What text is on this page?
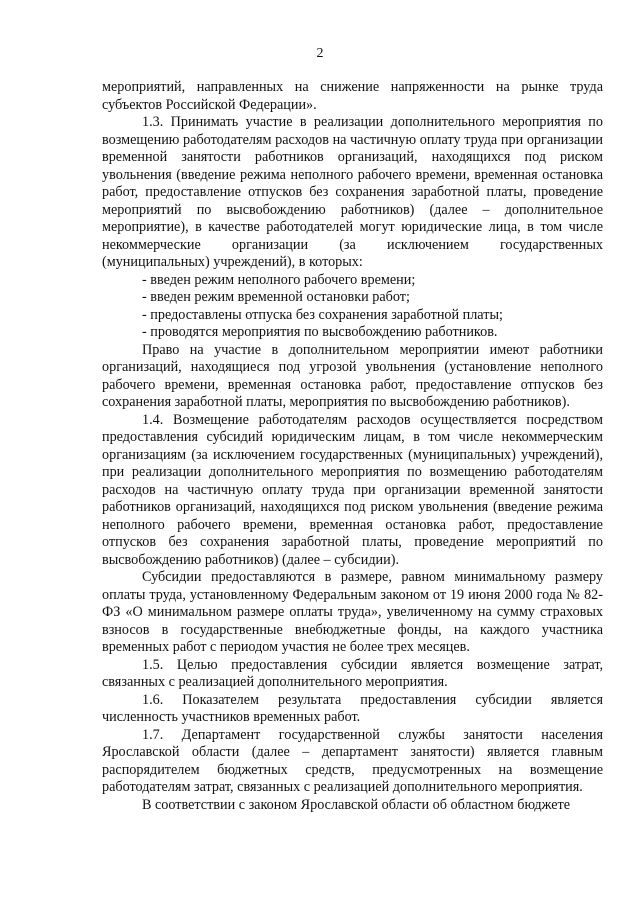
2

мероприятий, направленных на снижение напряженности на рынке труда субъектов Российской Федерации».

1.3. Принимать участие в реализации дополнительного мероприятия по возмещению работодателям расходов на частичную оплату труда при организации временной занятости работников организаций, находящихся под риском увольнения (введение режима неполного рабочего времени, временная остановка работ, предоставление отпусков без сохранения заработной платы, проведение мероприятий по высвобождению работников) (далее – дополнительное мероприятие), в качестве работодателей могут юридические лица, в том числе некоммерческие организации (за исключением государственных (муниципальных) учреждений), в которых:

- введен режим неполного рабочего времени;
- введен режим временной остановки работ;
- предоставлены отпуска без сохранения заработной платы;
- проводятся мероприятия по высвобождению работников.

Право на участие в дополнительном мероприятии имеют работники организаций, находящиеся под угрозой увольнения (установление неполного рабочего времени, временная остановка работ, предоставление отпусков без сохранения заработной платы, мероприятия по высвобождению работников).

1.4. Возмещение работодателям расходов осуществляется посредством предоставления субсидий юридическим лицам, в том числе некоммерческим организациям (за исключением государственных (муниципальных) учреждений), при реализации дополнительного мероприятия по возмещению работодателям расходов на частичную оплату труда при организации временной занятости работников организаций, находящихся под риском увольнения (введение режима неполного рабочего времени, временная остановка работ, предоставление отпусков без сохранения заработной платы, проведение мероприятий по высвобождению работников) (далее – субсидии).

Субсидии предоставляются в размере, равном минимальному размеру оплаты труда, установленному Федеральным законом от 19 июня 2000 года № 82-ФЗ «О минимальном размере оплаты труда», увеличенному на сумму страховых взносов в государственные внебюджетные фонды, на каждого участника временных работ с периодом участия не более трех месяцев.

1.5. Целью предоставления субсидии является возмещение затрат, связанных с реализацией дополнительного мероприятия.

1.6. Показателем результата предоставления субсидии является численность участников временных работ.

1.7. Департамент государственной службы занятости населения Ярославской области (далее – департамент занятости) является главным распорядителем бюджетных средств, предусмотренных на возмещение работодателям затрат, связанных с реализацией дополнительного мероприятия.

В соответствии с законом Ярославской области об областном бюджете
